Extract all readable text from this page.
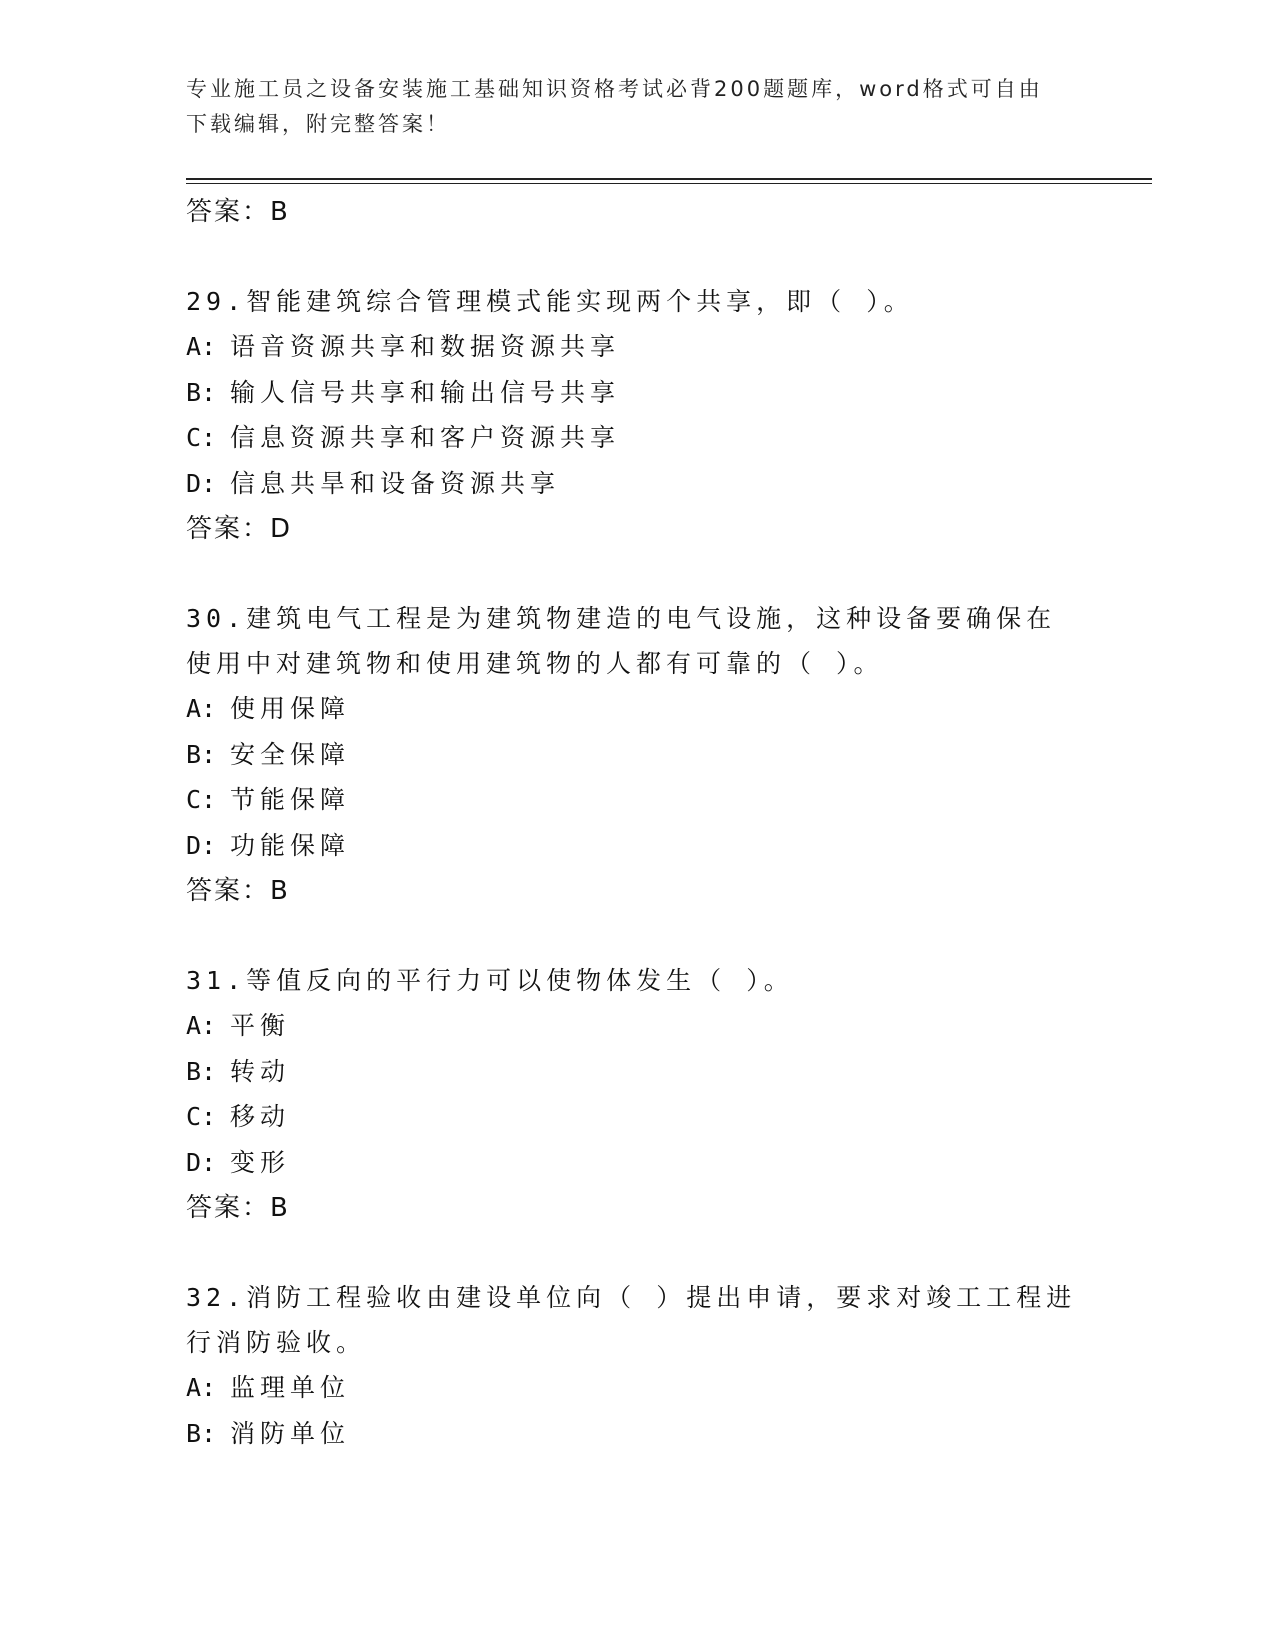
专业施工员之设备安装施工基础知识资格考试必背200题题库，word格式可自由下载编辑，附完整答案！
答案：B
29.智能建筑综合管理模式能实现两个共享，即（ ）。
A: 语音资源共享和数据资源共享
B: 输人信号共享和输出信号共享
C: 信息资源共享和客户资源共享
D: 信息共旱和设备资源共享
答案：D
30.建筑电气工程是为建筑物建造的电气设施，这种设备要确保在使用中对建筑物和使用建筑物的人都有可靠的（ ）。
A: 使用保障
B: 安全保障
C: 节能保障
D: 功能保障
答案：B
31.等值反向的平行力可以使物体发生（ ）。
A: 平衡
B: 转动
C: 移动
D: 变形
答案：B
32.消防工程验收由建设单位向（ ）提出申请，要求对竣工工程进行消防验收。
A: 监理单位
B: 消防单位
